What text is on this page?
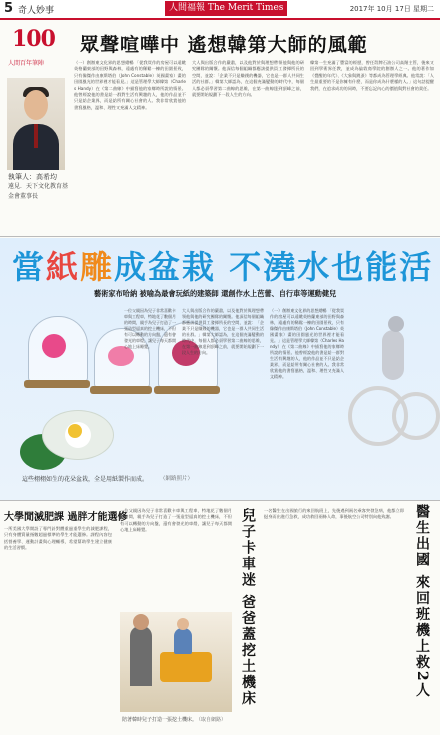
5 奇人妙事	人間福報 The Merit Times	2017年 10月 17日 星期二
100
人間百年筆陣
眾聲喧嘩中 遙想韓第大師的風範
執筆人：高希均
遠見．天下文化教育基金會董事長
（一）創辦東文化界的思想總暢 「從我買作的房屋可以遠眺英格蘭東部的田野與森林，遠處有的稀鬆一棟的田園景致，只有像傑作由康斯塔伯（John Constable）英國畫家）畫的田園風光的世界裡才能看見。」這是管理學大師韓第（Charles Handy）在《第二曲線》中描寫他的家鄉時所說的情景。他曾經說他的書是給一群對生活有興趣的人，他的作品並不只是給企業界，而是給所有關心社會的人。我非常欣賞他的書寫風格，溫和、理性又充滿人文精神。
大人與出版合作的嚴肅，以及他對於與理想帶領他與他的研究團隊的關懷。他深信每個組織都應該提供員工發揮所長的空間，並說：「企業不只是賺錢的機器，它也是一群人共同生活的社群。」韓第大師認為，在這個充滿變動的時代中，每個人都必須學習第二曲線的思維，在第一曲線達到頂峰之前，就要開始規劃下一段人生的方向。
韓第一生充滿了豐富的經歷，曾任殼牌石油公司高階主管，後來又回到學術界任教，並成為倫敦商學院的創辦人之一。他的著作如《覺醒的年代》、《大象與跳蚤》等都成為管理學經典。他常說：「人生最重要的不是你擁有什麼，而是你成為什麼樣的人。」這句話提醒我們，在追求成功的同時，不要忘記內心的價值與對社會的責任。
當紙雕成盆栽 不澆水也能活
藝術家布哈納 被喻為最會玩紙的建築師 還創作水上芭蕾、自行車等運動健兒
一位父親因為兒子非常喜歡卡車與工程車，特地花了數個月的時間，親手為兒子打造了一張造型逼真的挖土機床，不但有可以轉動的方向盤，還有會發光的車燈，讓兒子每天都開心地上床睡覺。
大人與出版合作的嚴肅，以及他對於與理想帶領他與他的研究團隊的關懷。他深信每個組織都應該提供員工發揮所長的空間，並說：「企業不只是賺錢的機器，它也是一群人共同生活的社群。」韓第大師認為，在這個充滿變動的時代中，每個人都必須學習第二曲線的思維，在第一曲線達到頂峰之前，就要開始規劃下一段人生的方向。
（一）創辦東文化界的思想總暢 「從我買作的房屋可以遠眺英格蘭東部的田野與森林，遠處有的稀鬆一棟的田園景致，只有像傑作由康斯塔伯（John Constable）英國畫家）畫的田園風光的世界裡才能看見。」這是管理學大師韓第（Charles Handy）在《第二曲線》中描寫他的家鄉時所說的情景。他曾經說他的書是給一群對生活有興趣的人，他的作品並不只是給企業界，而是給所有關心社會的人。我非常欣賞他的書寫風格，溫和、理性又充滿人文精神。
這些栩栩如生的花朵盆栽，全是用紙製作而成。 （網路照片）
大學閒滅肥課 過胖才能選修
一所美國大學開設了專門針對體重過重學生的減肥課程，只有身體質量指數超過標準的學生才能選修。課程內容包括營養學、運動計畫與心理輔導，希望幫助學生建立健康的生活習慣。
一位父親因為兒子非常喜歡卡車與工程車，特地花了數個月的時間，親手為兒子打造了一張造型逼真的挖土機床，不但有可以轉動的方向盤，還有會發光的車燈，讓兒子每天都開心地上床睡覺。
陪著韓時兒子打造一張挖土機床。
（取自網路）
兒子卡車迷 爸爸蓋挖土機床	一名醫生在出國旅行的來回航班上，先後遇到兩名乘客突發急病，他都立即挺身而出進行急救，成功救回兩條人命，事後航空公司特別向他致謝。	醫生出國 來回班機上救2人
